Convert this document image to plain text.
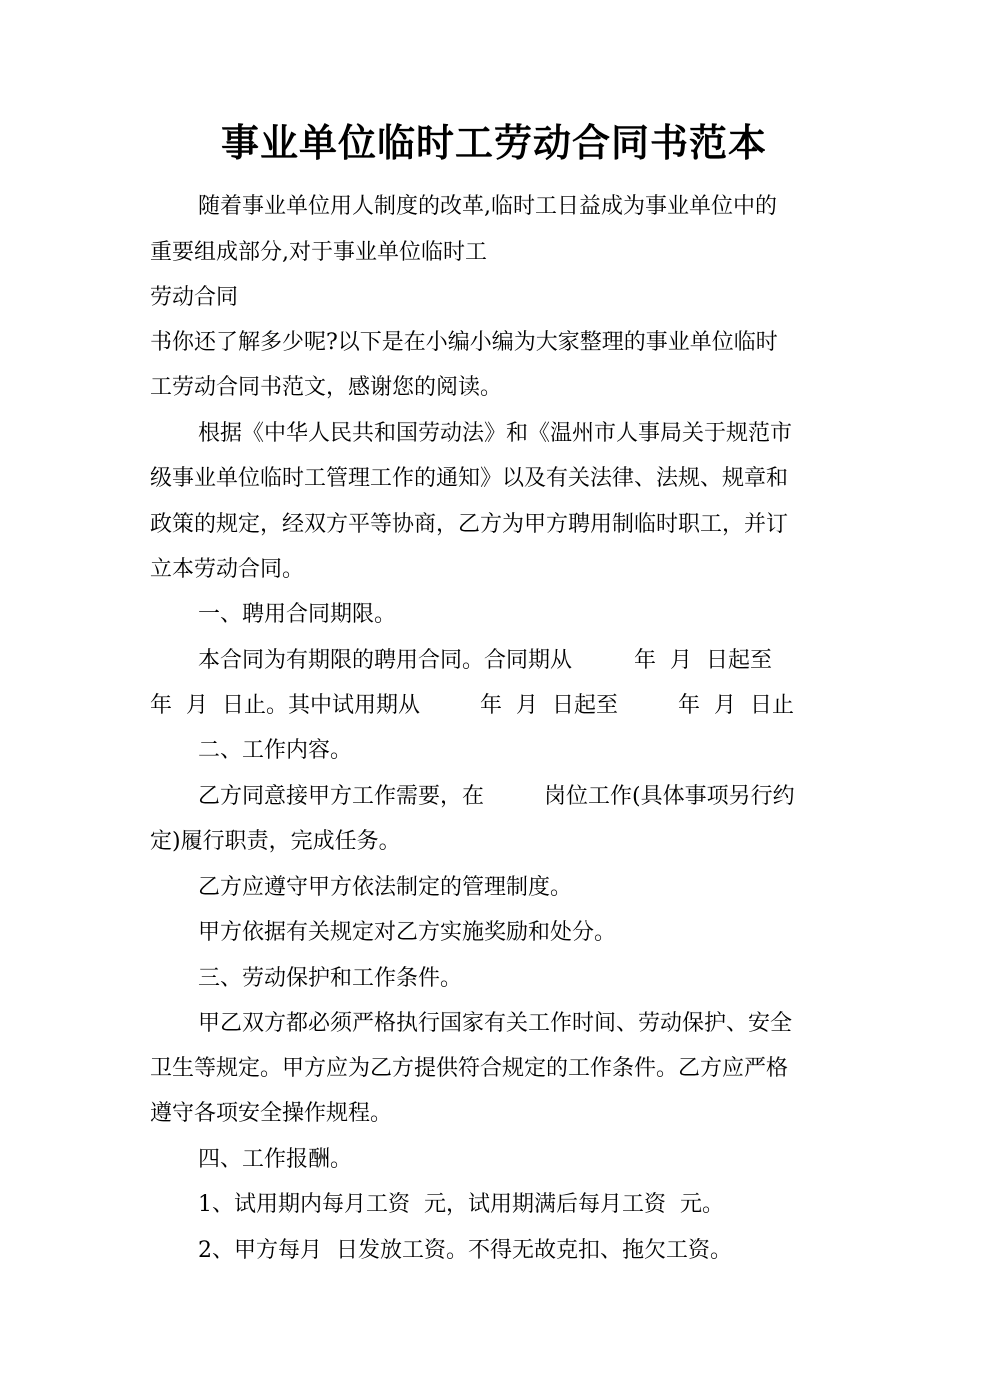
事业单位临时工劳动合同书范本
随着事业单位用人制度的改革,临时工日益成为事业单位中的
重要组成部分,对于事业单位临时工
劳动合同
书你还了解多少呢?以下是在小编小编为大家整理的事业单位临时
工劳动合同书范文，感谢您的阅读。
根据《中华人民共和国劳动法》和《温州市人事局关于规范市
级事业单位临时工管理工作的通知》以及有关法律、法规、规章和
政策的规定，经双方平等协商，乙方为甲方聘用制临时职工，并订
立本劳动合同。
一、聘用合同期限。
本合同为有期限的聘用合同。合同期从	年  月  日起至
年  月  日止。其中试用期从	年  月  日起至	年  月  日止
二、工作内容。
乙方同意接甲方工作需要，在	岗位工作(具体事项另行约
定)履行职责，完成任务。
乙方应遵守甲方依法制定的管理制度。
甲方依据有关规定对乙方实施奖励和处分。
三、劳动保护和工作条件。
甲乙双方都必须严格执行国家有关工作时间、劳动保护、安全
卫生等规定。甲方应为乙方提供符合规定的工作条件。乙方应严格
遵守各项安全操作规程。
四、工作报酬。
1、试用期内每月工资  元，试用期满后每月工资  元。
2、甲方每月  日发放工资。不得无故克扣、拖欠工资。
